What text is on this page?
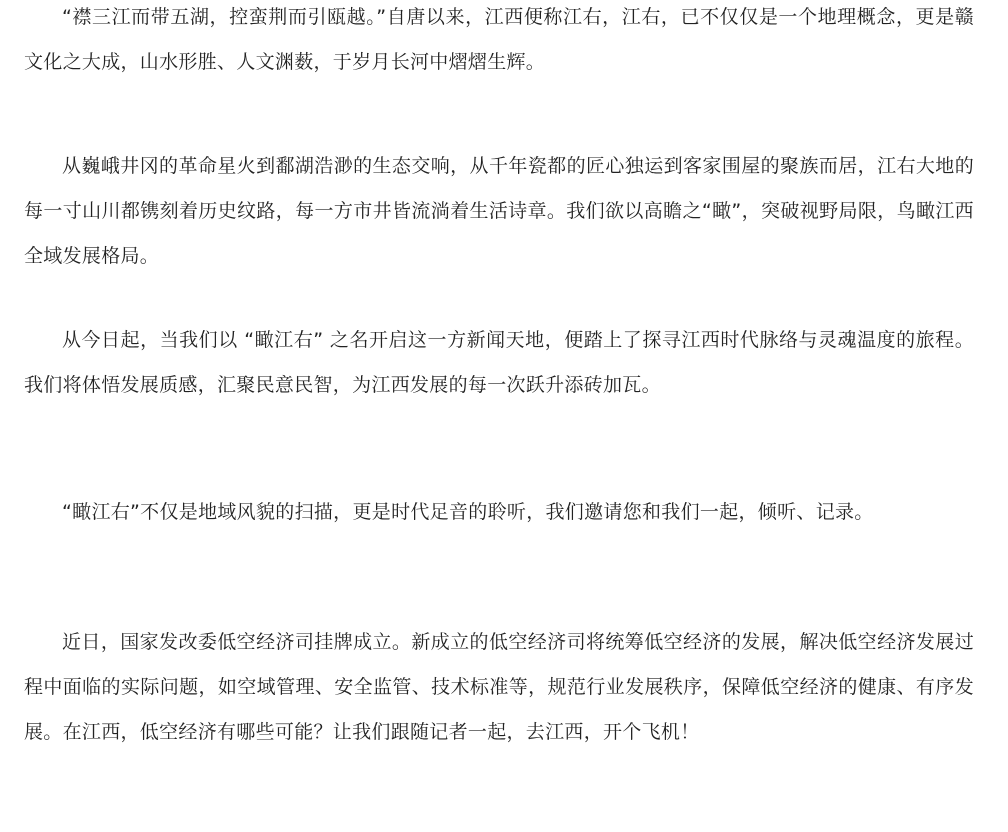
“襟三江而带五湖，控蛮荆而引瓯越。”自唐以来，江西便称江右，江右，已不仅仅是一个地理概念，更是赣文化之大成，山水形胜、人文渊薮，于岁月长河中熠熠生辉。

从巍峨井冈的革命星火到鄱湖浩渺的生态交响，从千年瓷都的匠心独运到客家围屋的聚族而居，江右大地的每一寸山川都镌刻着历史纹路，每一方市井皆流淌着生活诗章。我们欲以高瞻之“瞰”，突破视野局限，鸟瞰江西全域发展格局。

从今日起，当我们以 “瞰江右” 之名开启这一方新闻天地，便踏上了探寻江西时代脉络与灵魂温度的旅程。我们将体悟发展质感，汇聚民意民智，为江西发展的每一次跃升添砖加瓦。

“瞰江右”不仅是地域风貌的扫描，更是时代足音的聆听，我们邀请您和我们一起，倾听、记录。

近日，国家发改委低空经济司挂牌成立。新成立的低空经济司将统筹低空经济的发展，解决低空经济发展过程中面临的实际问题，如空域管理、安全监管、技术标准等，规范行业发展秩序，保障低空经济的健康、有序发展。在江西，低空经济有哪些可能？让我们跟随记者一起，去江西，开个飞机！
